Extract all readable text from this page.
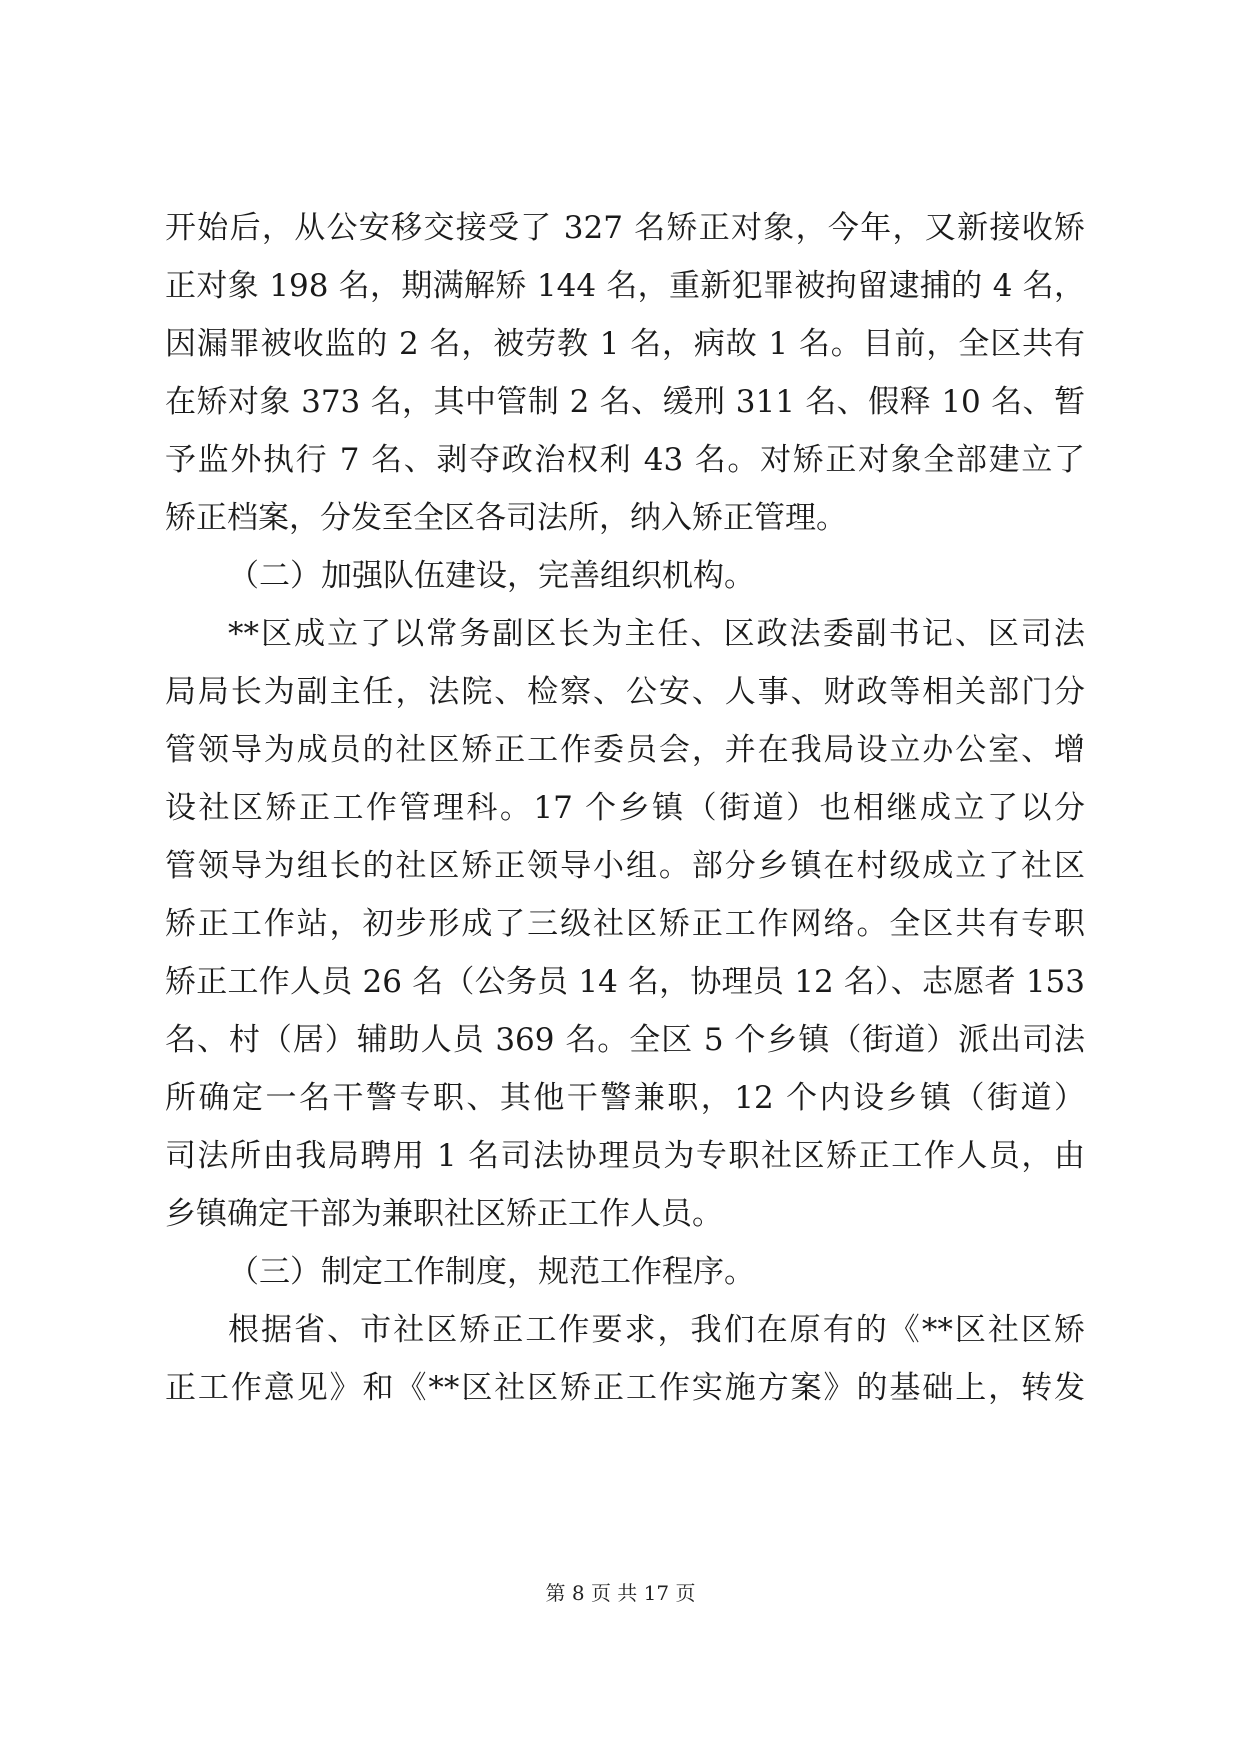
开始后，从公安移交接受了 327 名矫正对象，今年，又新接收矫
正对象 198 名，期满解矫 144 名，重新犯罪被拘留逮捕的 4 名，
因漏罪被收监的 2 名，被劳教 1 名，病故 1 名。目前，全区共有
在矫对象 373 名，其中管制 2 名、缓刑 311 名、假释 10 名、暂
予监外执行 7 名、剥夺政治权利 43 名。对矫正对象全部建立了
矫正档案，分发至全区各司法所，纳入矫正管理。
（二）加强队伍建设，完善组织机构。
**区成立了以常务副区长为主任、区政法委副书记、区司法
局局长为副主任，法院、检察、公安、人事、财政等相关部门分
管领导为成员的社区矫正工作委员会，并在我局设立办公室、增
设社区矫正工作管理科。17 个乡镇（街道）也相继成立了以分
管领导为组长的社区矫正领导小组。部分乡镇在村级成立了社区
矫正工作站，初步形成了三级社区矫正工作网络。全区共有专职
矫正工作人员 26 名（公务员 14 名，协理员 12 名）、志愿者 153
名、村（居）辅助人员 369 名。全区 5 个乡镇（街道）派出司法
所确定一名干警专职、其他干警兼职，12 个内设乡镇（街道）
司法所由我局聘用 1 名司法协理员为专职社区矫正工作人员，由
乡镇确定干部为兼职社区矫正工作人员。
（三）制定工作制度，规范工作程序。
根据省、市社区矫正工作要求，我们在原有的《**区社区矫
正工作意见》和《**区社区矫正工作实施方案》的基础上，转发
第 8 页 共 17 页
